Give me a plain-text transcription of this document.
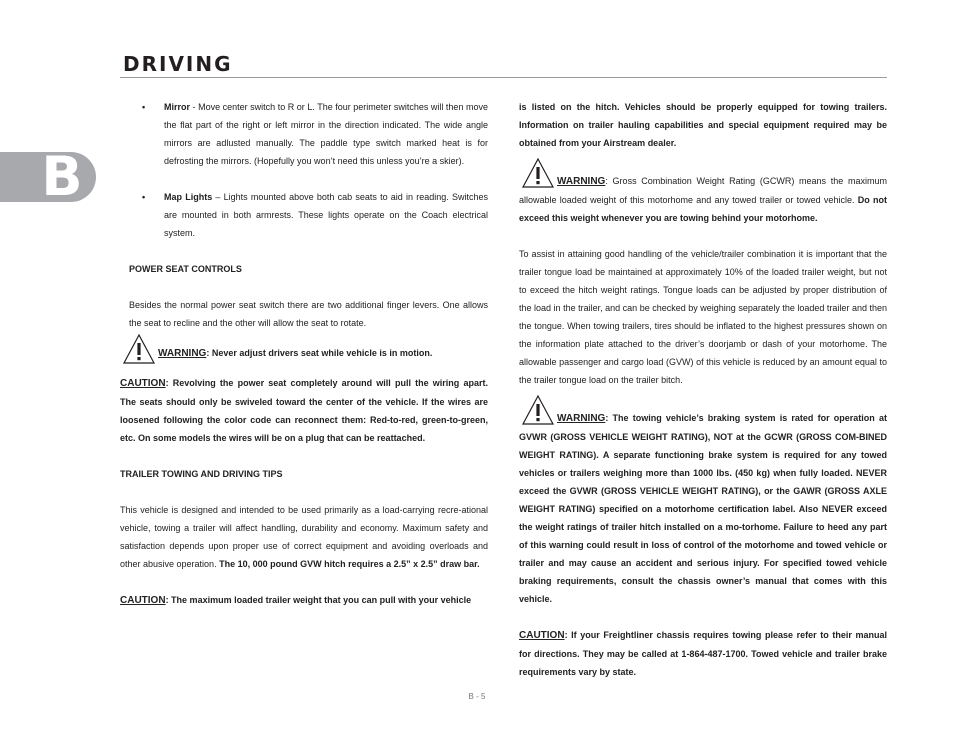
DRIVING
B

• Mirror - Move center switch to R or L. The four perimeter switches will then move the flat part of the right or left mirror in the direction indicated. The wide angle mirrors are adlusted manually. The paddle type switch marked heat is for defrosting the mirrors. (Hopefully you won’t need this unless you’re a skier).

• Map Lights – Lights mounted above both cab seats to aid in reading. Switches are mounted in both armrests. These lights operate on the Coach electrical system.

POWER SEAT CONTROLS

Besides the normal power seat switch there are two additional finger levers. One allows the seat to recline and the other will allow the seat to rotate.

WARNING: Never adjust drivers seat while vehicle is in motion.

CAUTION: Revolving the power seat completely around will pull the wiring apart. The seats should only be swiveled toward the center of the vehicle. If the wires are loosened following the color code can reconnect them: Red-to-red, green-to-green, etc. On some models the wires will be on a plug that can be reattached.

TRAILER TOWING AND DRIVING TIPS

This vehicle is designed and intended to be used primarily as a load-carrying recre-ational vehicle, towing a trailer will affect handling, durability and economy. Maximum safety and satisfaction depends upon proper use of correct equipment and avoiding overloads and other abusive operation. The 10, 000 pound GVW hitch requires a 2.5” x 2.5” draw bar.

CAUTION: The maximum loaded trailer weight that you can pull with your vehicle

is listed on the hitch. Vehicles should be properly equipped for towing trailers. Information on trailer hauling capabilities and special equipment required may be obtained from your Airstream dealer.

WARNING: Gross Combination Weight Rating (GCWR) means the maximum allowable loaded weight of this motorhome and any towed trailer or towed vehicle. Do not exceed this weight whenever you are towing behind your motorhome.

To assist in attaining good handling of the vehicle/trailer combination it is important that the trailer tongue load be maintained at approximately 10% of the loaded trailer weight, but not to exceed the hitch weight ratings. Tongue loads can be adjusted by proper distribution of the load in the trailer, and can be checked by weighing separately the loaded trailer and then the tongue. When towing trailers, tires should be inflated to the highest pressures shown on the information plate attached to the driver’s doorjamb or dash of your motorhome. The allowable passenger and cargo load (GVW) of this vehicle is reduced by an amount equal to the trailer tongue load on the trailer bitch.

WARNING: The towing vehicle’s braking system is rated for operation at GVWR (GROSS VEHICLE WEIGHT RATING), NOT at the GCWR (GROSS COM-BINED WEIGHT RATING). A separate functioning brake system is required for any towed vehicles or trailers weighing more than 1000 lbs. (450 kg) when fully loaded. NEVER exceed the GVWR (GROSS VEHICLE WEIGHT RATING), or the GAWR (GROSS AXLE WEIGHT RATING) specified on a motorhome certification label. Also NEVER exceed the weight ratings of trailer hitch installed on a mo-torhome. Failure to heed any part of this warning could result in loss of control of the motorhome and towed vehicle or trailer and may cause an accident and serious injury. For specified towed vehicle braking requirements, consult the chassis owner’s manual that comes with this vehicle.

CAUTION: If your Freightliner chassis requires towing please refer to their manual for directions. They may be called at 1-864-487-1700. Towed vehicle and trailer brake requirements vary by state.

B - 5
